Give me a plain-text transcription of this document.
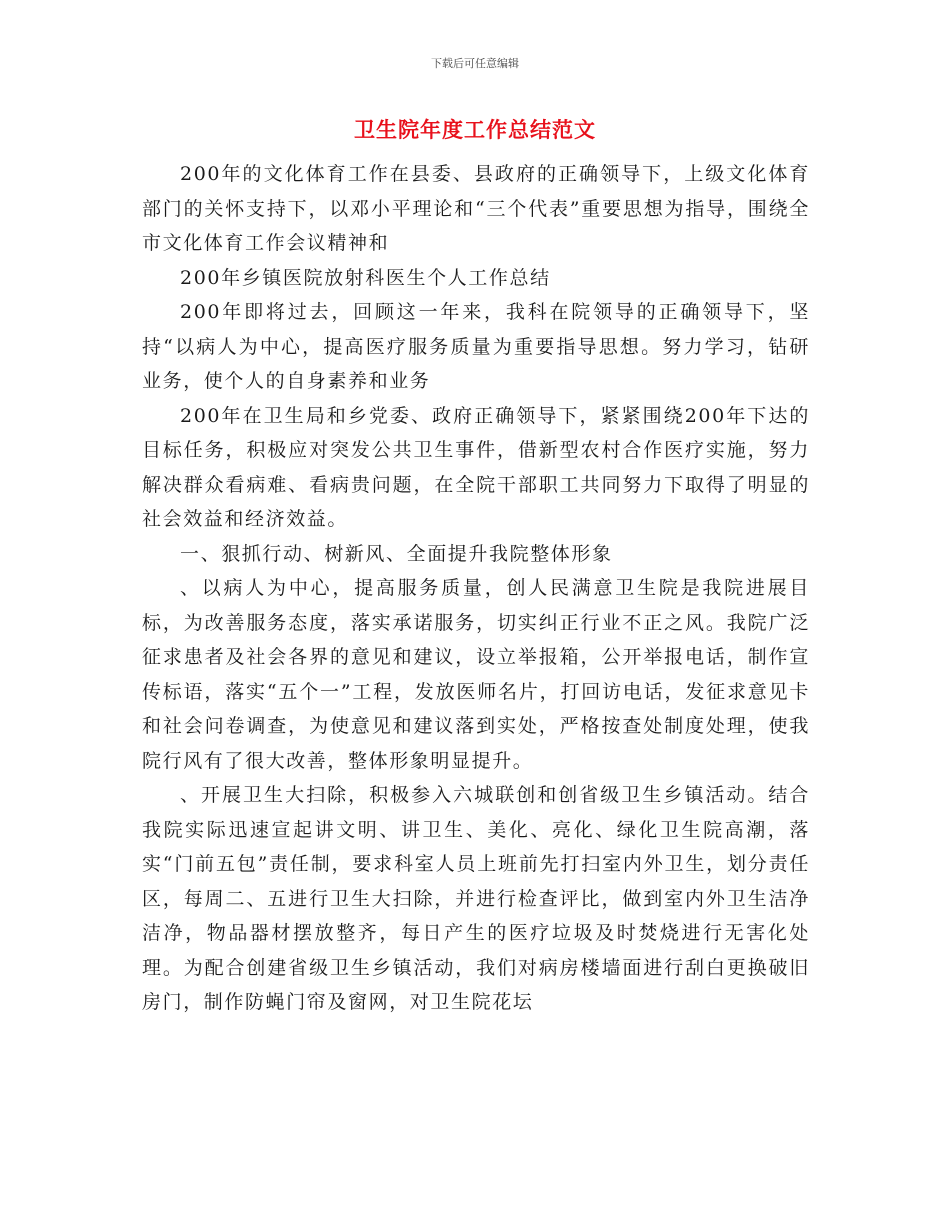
下载后可任意编辑
卫生院年度工作总结范文

200年的文化体育工作在县委、县政府的正确领导下，上级文化体育部门的关怀支持下，以邓小平理论和“三个代表”重要思想为指导，围绕全市文化体育工作会议精神和

200年乡镇医院放射科医生个人工作总结

200年即将过去，回顾这一年来，我科在院领导的正确领导下，坚持“以病人为中心，提高医疗服务质量为重要指导思想。努力学习，钻研业务，使个人的自身素养和业务

200年在卫生局和乡党委、政府正确领导下，紧紧围绕200年下达的目标任务，积极应对突发公共卫生事件，借新型农村合作医疗实施，努力解决群众看病难、看病贵问题，在全院干部职工共同努力下取得了明显的社会效益和经济效益。

一、狠抓行动、树新风、全面提升我院整体形象

、以病人为中心，提高服务质量，创人民满意卫生院是我院进展目标，为改善服务态度，落实承诺服务，切实纠正行业不正之风。我院广泛征求患者及社会各界的意见和建议，设立举报箱，公开举报电话，制作宣传标语，落实“五个一”工程，发放医师名片，打回访电话，发征求意见卡和社会问卷调查，为使意见和建议落到实处，严格按查处制度处理，使我院行风有了很大改善，整体形象明显提升。

、开展卫生大扫除，积极参入六城联创和创省级卫生乡镇活动。结合我院实际迅速宣起讲文明、讲卫生、美化、亮化、绿化卫生院高潮，落实“门前五包”责任制，要求科室人员上班前先打扫室内外卫生，划分责任区，每周二、五进行卫生大扫除，并进行检查评比，做到室内外卫生洁净洁净，物品器材摆放整齐，每日产生的医疗垃圾及时焚烧进行无害化处理。为配合创建省级卫生乡镇活动，我们对病房楼墙面进行刮白更换破旧房门，制作防蝇门帘及窗网，对卫生院花坛
